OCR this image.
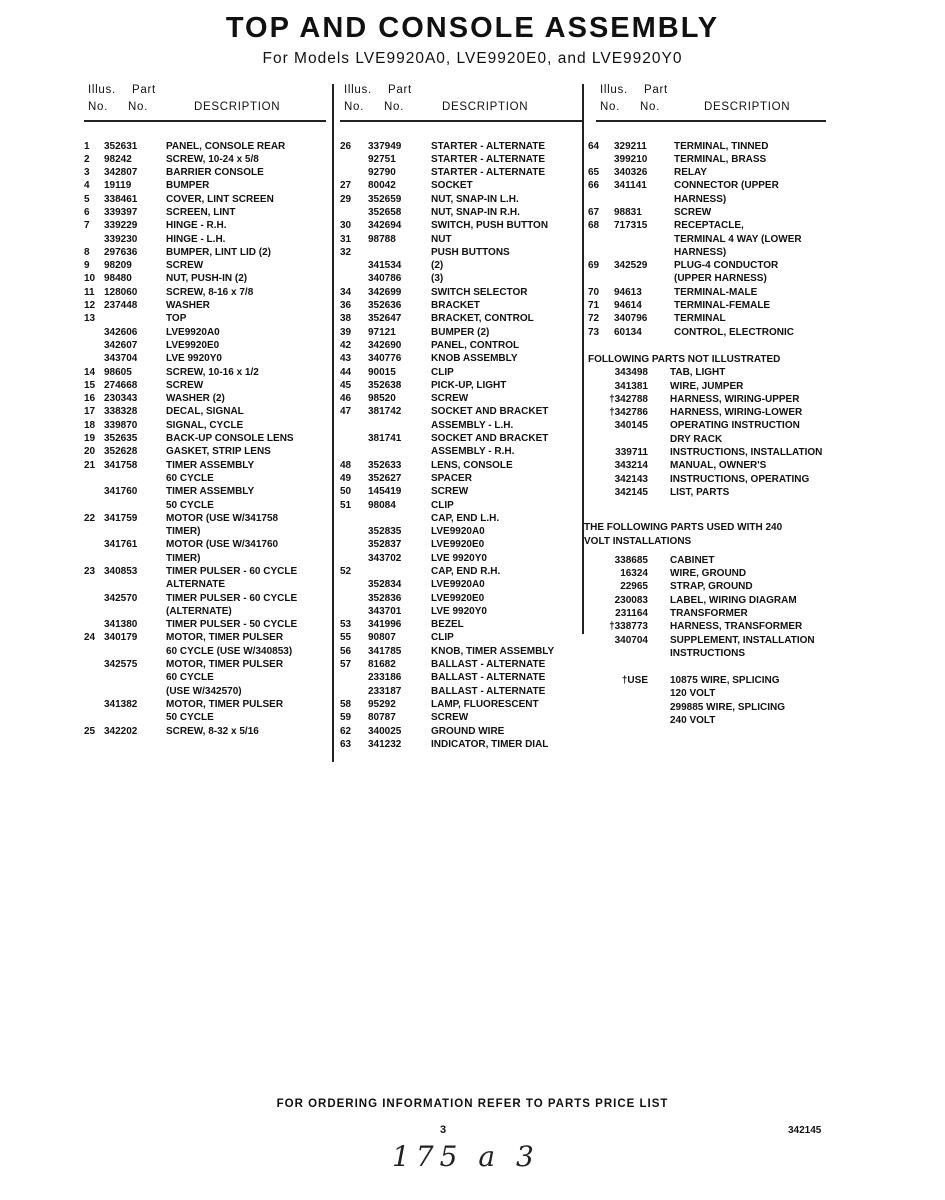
TOP AND CONSOLE ASSEMBLY
For Models LVE9920A0, LVE9920E0, and LVE9920Y0
Illus. Part
No. No.	DESCRIPTION
1 352631	PANEL, CONSOLE REAR
2 98242	SCREW, 10-24 x 5/8
3 342807	BARRIER CONSOLE
4 19119	BUMPER
5 338461	COVER, LINT SCREEN
6 339397	SCREEN, LINT
7 339229	HINGE - R.H.
339230	HINGE - L.H.
8 297636	BUMPER, LINT LID (2)
9 98209	SCREW
10 98480	NUT, PUSH-IN (2)
11 128060	SCREW, 8-16 x 7/8
12 237448	WASHER
13	TOP
342606	LVE9920A0
342607	LVE9920E0
343704	LVE 9920Y0
14 98605	SCREW, 10-16 x 1/2
15 274668	SCREW
16 230343	WASHER (2)
17 338328	DECAL, SIGNAL
18 339870	SIGNAL, CYCLE
19 352635	BACK-UP CONSOLE LENS
20 352628	GASKET, STRIP LENS
21 341758	TIMER ASSEMBLY
60 CYCLE
341760	TIMER ASSEMBLY
50 CYCLE
22 341759	MOTOR (USE W/341758
TIMER)
341761	MOTOR (USE W/341760
TIMER)
23 340853	TIMER PULSER - 60 CYCLE
ALTERNATE
342570	TIMER PULSER - 60 CYCLE
(ALTERNATE)
341380	TIMER PULSER - 50 CYCLE
24 340179	MOTOR, TIMER PULSER
60 CYCLE (USE W/340853)
342575	MOTOR, TIMER PULSER
60 CYCLE
(USE W/342570)
341382	MOTOR, TIMER PULSER
50 CYCLE
25 342202	SCREW, 8-32 x 5/16
Illus. Part
No. No.	DESCRIPTION
26 337949	STARTER - ALTERNATE
92751	STARTER - ALTERNATE
92790	STARTER - ALTERNATE
27 80042	SOCKET
29 352659	NUT, SNAP-IN L.H.
352658	NUT, SNAP-IN R.H.
30 342694	SWITCH, PUSH BUTTON
31 98788	NUT
32	PUSH BUTTONS
341534	(2)
340786	(3)
34 342699	SWITCH SELECTOR
36 352636	BRACKET
38 352647	BRACKET, CONTROL
39 97121	BUMPER (2)
42 342690	PANEL, CONTROL
43 340776	KNOB ASSEMBLY
44 90015	CLIP
45 352638	PICK-UP, LIGHT
46 98520	SCREW
47 381742	SOCKET AND BRACKET
ASSEMBLY - L.H.
381741	SOCKET AND BRACKET
ASSEMBLY - R.H.
48 352633	LENS, CONSOLE
49 352627	SPACER
50 145419	SCREW
51 98084	CLIP
CAP, END L.H.
352835	LVE9920A0
352837	LVE9920E0
343702	LVE 9920Y0
52	CAP, END R.H.
352834	LVE9920A0
352836	LVE9920E0
343701	LVE 9920Y0
53 341996	BEZEL
55 90807	CLIP
56 341785	KNOB, TIMER ASSEMBLY
57 81682	BALLAST - ALTERNATE
233186	BALLAST - ALTERNATE
233187	BALLAST - ALTERNATE
58 95292	LAMP, FLUORESCENT
59 80787	SCREW
62 340025	GROUND WIRE
63 341232	INDICATOR, TIMER DIAL
Illus. Part
No. No.	DESCRIPTION
64 329211	TERMINAL, TINNED
399210	TERMINAL, BRASS
65 340326	RELAY
66 341141	CONNECTOR (UPPER
HARNESS)
67 98831	SCREW
68 717315	RECEPTACLE,
TERMINAL 4 WAY (LOWER
HARNESS)
69 342529	PLUG-4 CONDUCTOR
(UPPER HARNESS)
70 94613	TERMINAL-MALE
71 94614	TERMINAL-FEMALE
72 340796	TERMINAL
73 60134	CONTROL, ELECTRONIC
FOLLOWING PARTS NOT ILLUSTRATED
343498 TAB, LIGHT
341381 WIRE, JUMPER
†342788 HARNESS, WIRING-UPPER
†342786 HARNESS, WIRING-LOWER
340145 OPERATING INSTRUCTION
DRY RACK
339711 INSTRUCTIONS, INSTALLATION
343214 MANUAL, OWNER'S
342143 INSTRUCTIONS, OPERATING
342145 LIST, PARTS
THE FOLLOWING PARTS USED WITH 240
VOLT INSTALLATIONS
338685 CABINET
16324 WIRE, GROUND
22965 STRAP, GROUND
230083 LABEL, WIRING DIAGRAM
231164 TRANSFORMER
†338773 HARNESS, TRANSFORMER
340704 SUPPLEMENT, INSTALLATION
INSTRUCTIONS
†USE 10875 WIRE, SPLICING
120 VOLT
299885 WIRE, SPLICING
240 VOLT
FOR ORDERING INFORMATION REFER TO PARTS PRICE LIST
3	342145
175 a 3
